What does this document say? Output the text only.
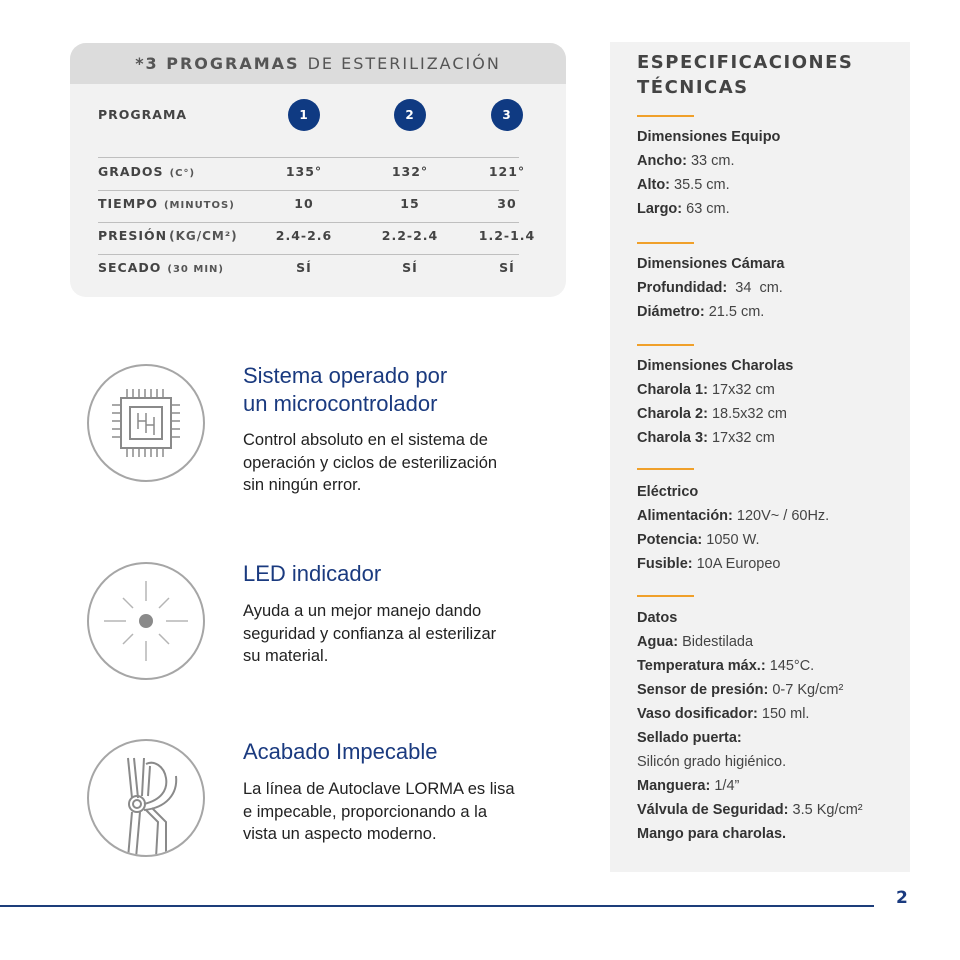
*3 PROGRAMAS DE ESTERILIZACIÓN
PROGRAMA	1	2	3
GRADOS (C°)	135°	132°	121°
TIEMPO (MINUTOS)	10	15	30
PRESIÓN (KG/CM²)	2.4-2.6	2.2-2.4	1.2-1.4
SECADO (30 MIN)	SÍ	SÍ	SÍ
Sistema operado por
un microcontrolador
Control absoluto en el sistema de
operación y ciclos de esterilización
sin ningún error.
LED indicador
Ayuda a un mejor manejo dando
seguridad y confianza al esterilizar
su material.
Acabado Impecable
La línea de Autoclave LORMA es lisa
e impecable, proporcionando a la
vista un aspecto moderno.
ESPECIFICACIONES
TÉCNICAS
Dimensiones Equipo
Ancho: 33 cm.
Alto: 35.5 cm.
Largo: 63 cm.
Dimensiones Cámara
Profundidad:  34  cm.
Diámetro: 21.5 cm.
Dimensiones Charolas
Charola 1: 17x32 cm
Charola 2: 18.5x32 cm
Charola 3: 17x32 cm
Eléctrico
Alimentación: 120V~ / 60Hz.
Potencia: 1050 W.
Fusible: 10A Europeo
Datos
Agua: Bidestilada
Temperatura máx.: 145°C.
Sensor de presión: 0-7 Kg/cm²
Vaso dosificador: 150 ml.
Sellado puerta:
Silicón grado higiénico.
Manguera: 1/4”
Válvula de Seguridad: 3.5 Kg/cm²
Mango para charolas.
2
